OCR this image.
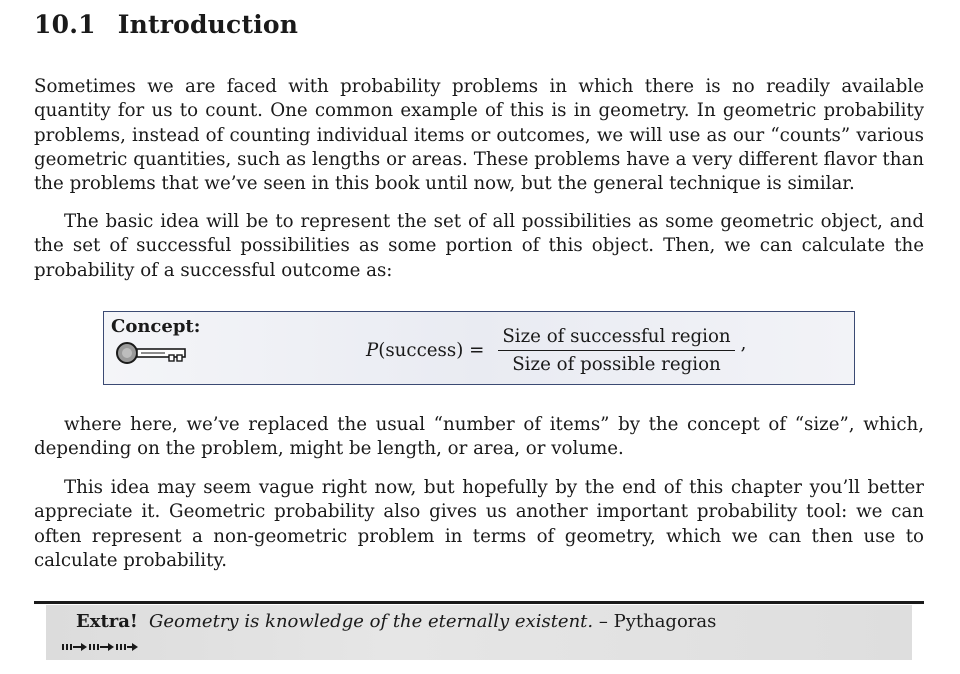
10.1 Introduction

Sometimes we are faced with probability problems in which there is no readily available quantity for us to count. One common example of this is in geometry. In geometric probability problems, instead of counting individual items or outcomes, we will use as our “counts” various geometric quantities, such as lengths or areas. These problems have a very different flavor than the problems that we’ve seen in this book until now, but the general technique is similar.

The basic idea will be to represent the set of all possibilities as some geometric object, and the set of successful possibilities as some portion of this object. Then, we can calculate the probability of a successful outcome as:

Concept:
P(success) = $\frac{\text{Size of successful region}}{\text{Size of possible region}}$ ,

where here, we’ve replaced the usual “number of items” by the concept of “size”, which, depending on the problem, might be length, or area, or volume.

This idea may seem vague right now, but hopefully by the end of this chapter you’ll better appreciate it. Geometric probability also gives us another important probability tool: we can often represent a non-geometric problem in terms of geometry, which we can then use to calculate probability.

Extra! Geometry is knowledge of the eternally existent. – Pythagoras
